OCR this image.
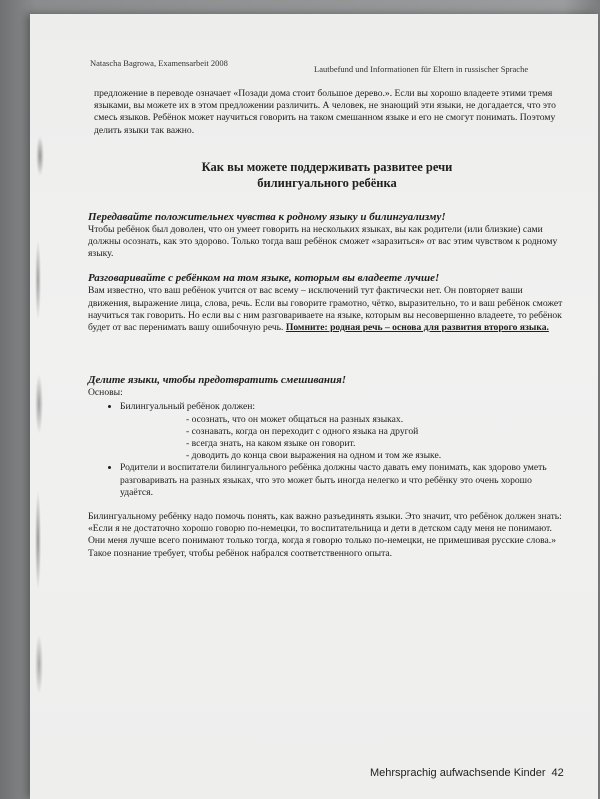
Natascha Bagrowa, Examensarbeit 2008
Lautbefund und Informationen für Eltern in russischer Sprache

предложение в переводе означает «Позади дома стоит большое дерево.». Если вы хорошо владеете этими тремя языками, вы можете их в этом предложении различить. А человек, не знающий эти языки, не догадается, что это смесь языков. Ребёнок может научиться говорить на таком смешанном языке и его не смогут понимать. Поэтому делить языки так важно.

Как вы можете поддерживать развитее речи
билингуального ребёнка
Передавайте положительнех чувства к родному языку и билингуализму!

Чтобы ребёнок был доволен, что он умеет говорить на нескольких языках, вы как родители (или близкие) сами должны осознать, как это здорово. Только тогда ваш ребёнок сможет «заразиться» от вас этим чувством к родному языку.

Разговаривайте с ребёнком на том языке, которым вы владеете лучше!

Вам известно, что ваш ребёнок учится от вас всему – исключений тут фактически нет. Он повторяет ваши движения, выражение лица, слова, речь. Если вы говорите грамотно, чётко, выразительно, то и ваш ребёнок сможет научиться так говорить. Но если вы с ним разговариваете на языке, которым вы несовершенно владеете, то ребёнок будет от вас перенимать вашу ошибочную речь. Помните: родная речь – основа для развития второго языка.

Делите языки, чтобы предотвратить смешивания!
Основы:
• Билингуальный ребёнок должен:
- осознать, что он может общаться на разных языках.
- сознавать, когда он переходит с одного языка на другой
- всегда знать, на каком языке он говорит.
- доводить до конца свои выражения на одном и том же языке.
• Родители и воспитатели билингуального ребёнка должны часто давать ему понимать, как здорово уметь разговаривать на разных языках, что это может быть иногда нелегко и что ребёнку это очень хорошо удаётся.

Билингуальному ребёнку надо помочь понять, как важно разъединять языки. Это значит, что ребёнок должен знать: «Если я не достаточно хорошо говорю по-немецки, то воспитательница и дети в детском саду меня не понимают. Они меня лучше всего понимают только тогда, когда я говорю только по-немецки, не примешивая русские слова.» Такое познание требует, чтобы ребёнок набрался соответственного опыта.

Mehrsprachig aufwachsende Kinder 42
